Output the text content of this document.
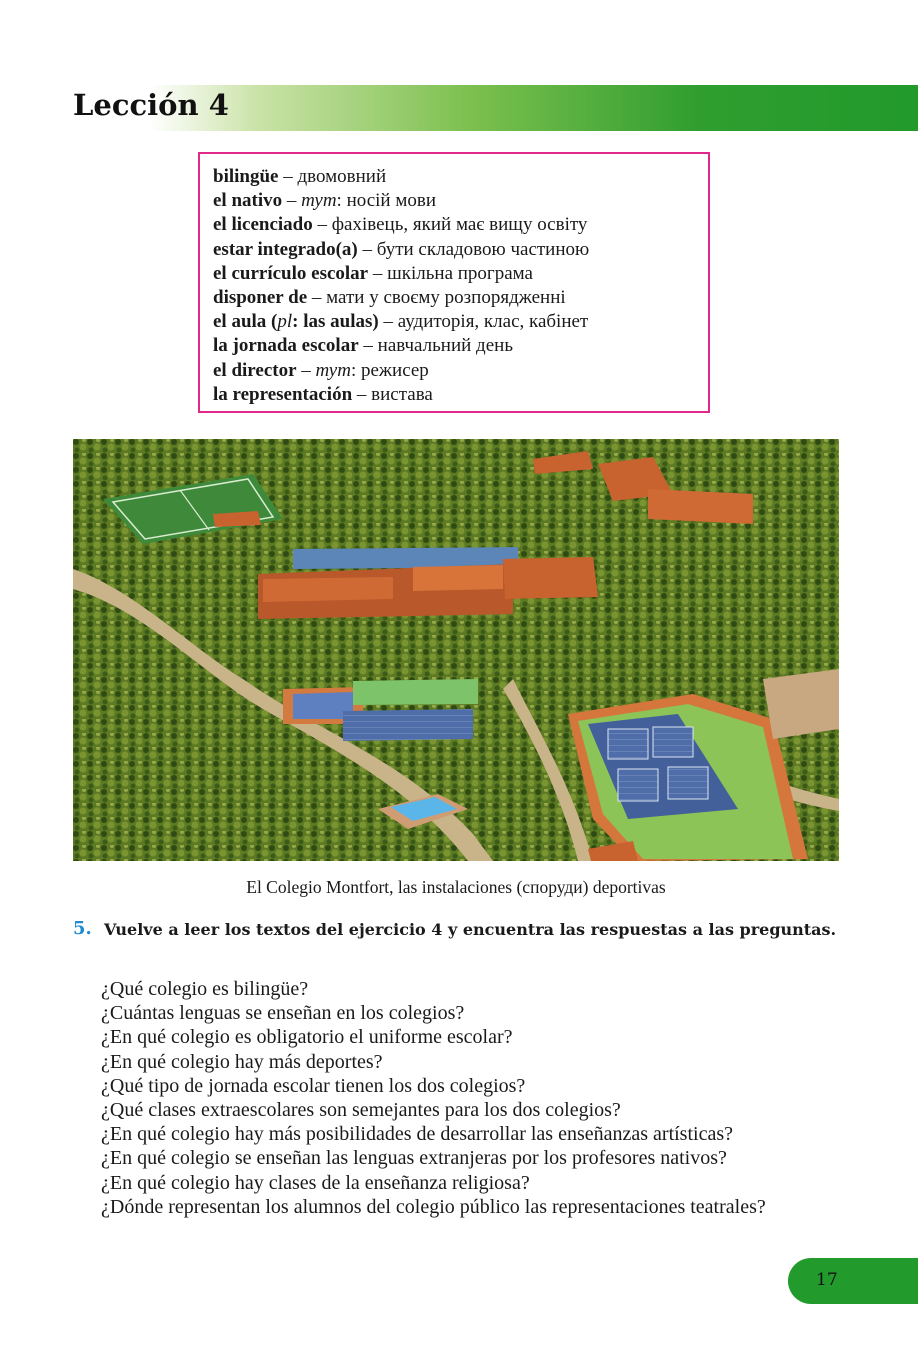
Lección 4
bilingüe – двомовний
el nativo – тут: носій мови
el licenciado – фахівець, який має вищу освіту
estar integrado(a) – бути складовою частиною
el currículo escolar – шкільна програма
disponer de – мати у своєму розпорядженні
el aula (pl: las aulas) – аудиторія, клас, кабінет
la jornada escolar – навчальний день
el director – тут: режисер
la representación – вистава
El Colegio Montfort, las instalaciones (споруди) deportivas
5. Vuelve a leer los textos del ejercicio 4 y encuentra las respuestas a las preguntas.
¿Qué colegio es bilingüe?
¿Cuántas lenguas se enseñan en los colegios?
¿En qué colegio es obligatorio el uniforme escolar?
¿En qué colegio hay más deportes?
¿Qué tipo de jornada escolar tienen los dos colegios?
¿Qué clases extraescolares son semejantes para los dos colegios?
¿En qué colegio hay más posibilidades de desarrollar las enseñanzas artísticas?
¿En qué colegio se enseñan las lenguas extranjeras por los profesores nativos?
¿En qué colegio hay clases de la enseñanza religiosa?
¿Dónde representan los alumnos del colegio público las representaciones teatrales?
17
